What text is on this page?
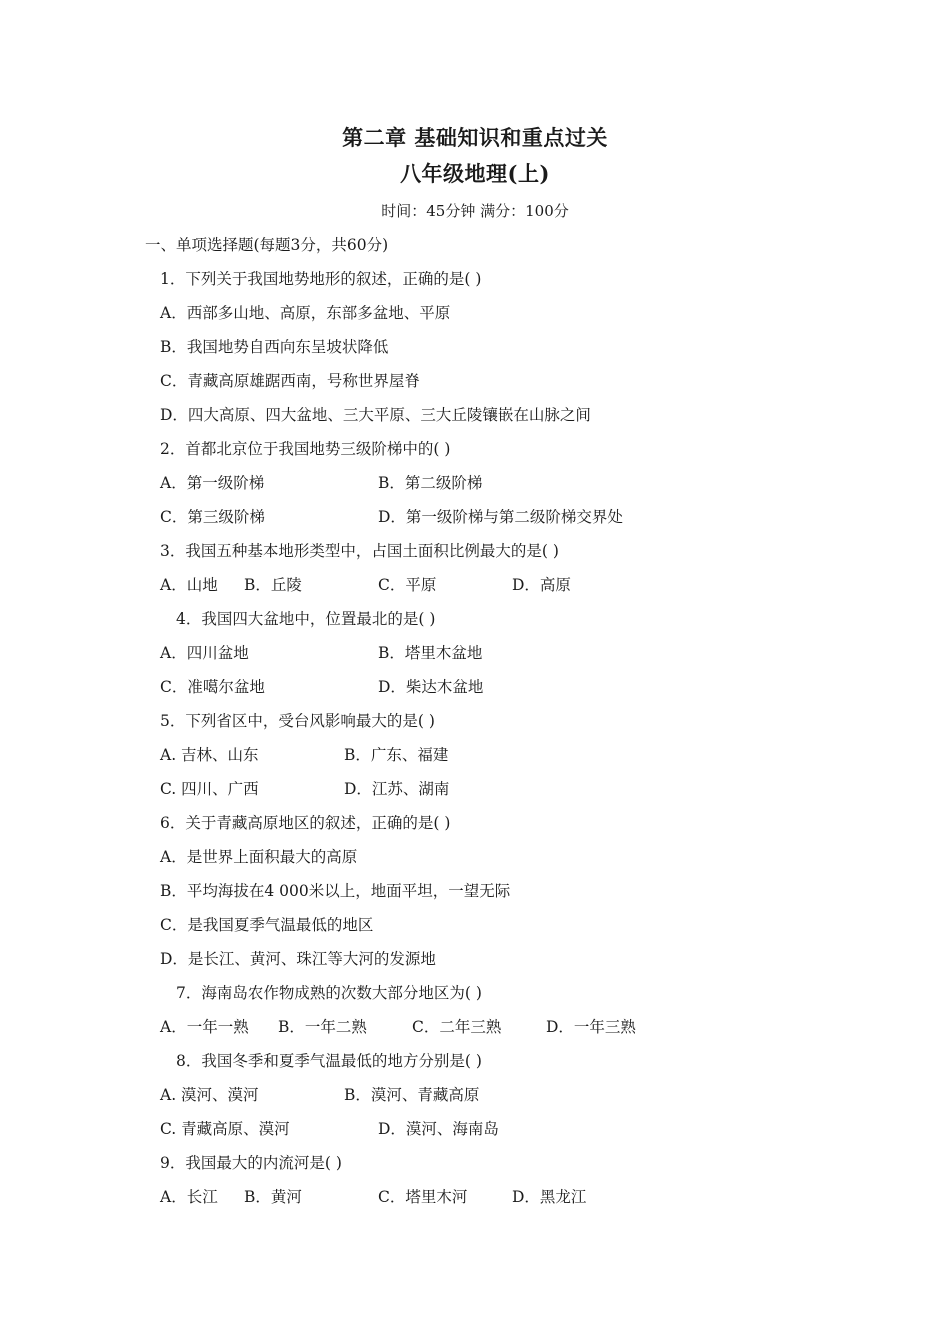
第二章 基础知识和重点过关
八年级地理(上)
时间：45分钟 满分：100分
一、单项选择题(每题3分，共60分)
1．下列关于我国地势地形的叙述，正确的是( )
A．西部多山地、高原，东部多盆地、平原
B．我国地势自西向东呈坡状降低
C．青藏高原雄踞西南，号称世界屋脊
D．四大高原、四大盆地、三大平原、三大丘陵镶嵌在山脉之间
2．首都北京位于我国地势三级阶梯中的( )
A．第一级阶梯	B．第二级阶梯
C．第三级阶梯	D．第一级阶梯与第二级阶梯交界处
3．我国五种基本地形类型中，占国土面积比例最大的是( )
A．山地 B．丘陵	C．平原	D．高原
4．我国四大盆地中，位置最北的是( )
A．四川盆地	B．塔里木盆地
C．准噶尔盆地	D．柴达木盆地
5．下列省区中，受台风影响最大的是( )
A. 吉林、山东	B．广东、福建
C. 四川、广西	D．江苏、湖南
6．关于青藏高原地区的叙述，正确的是( )
A．是世界上面积最大的高原
B．平均海拔在4 000米以上，地面平坦，一望无际
C．是我国夏季气温最低的地区
D．是长江、黄河、珠江等大河的发源地
7．海南岛农作物成熟的次数大部分地区为( )
A．一年一熟 B．一年二熟	C．二年三熟	D．一年三熟
8．我国冬季和夏季气温最低的地方分别是( )
A. 漠河、漠河	B．漠河、青藏高原
C. 青藏高原、漠河	D．漠河、海南岛
9．我国最大的内流河是( )
A．长江 B．黄河	C．塔里木河	D．黑龙江
